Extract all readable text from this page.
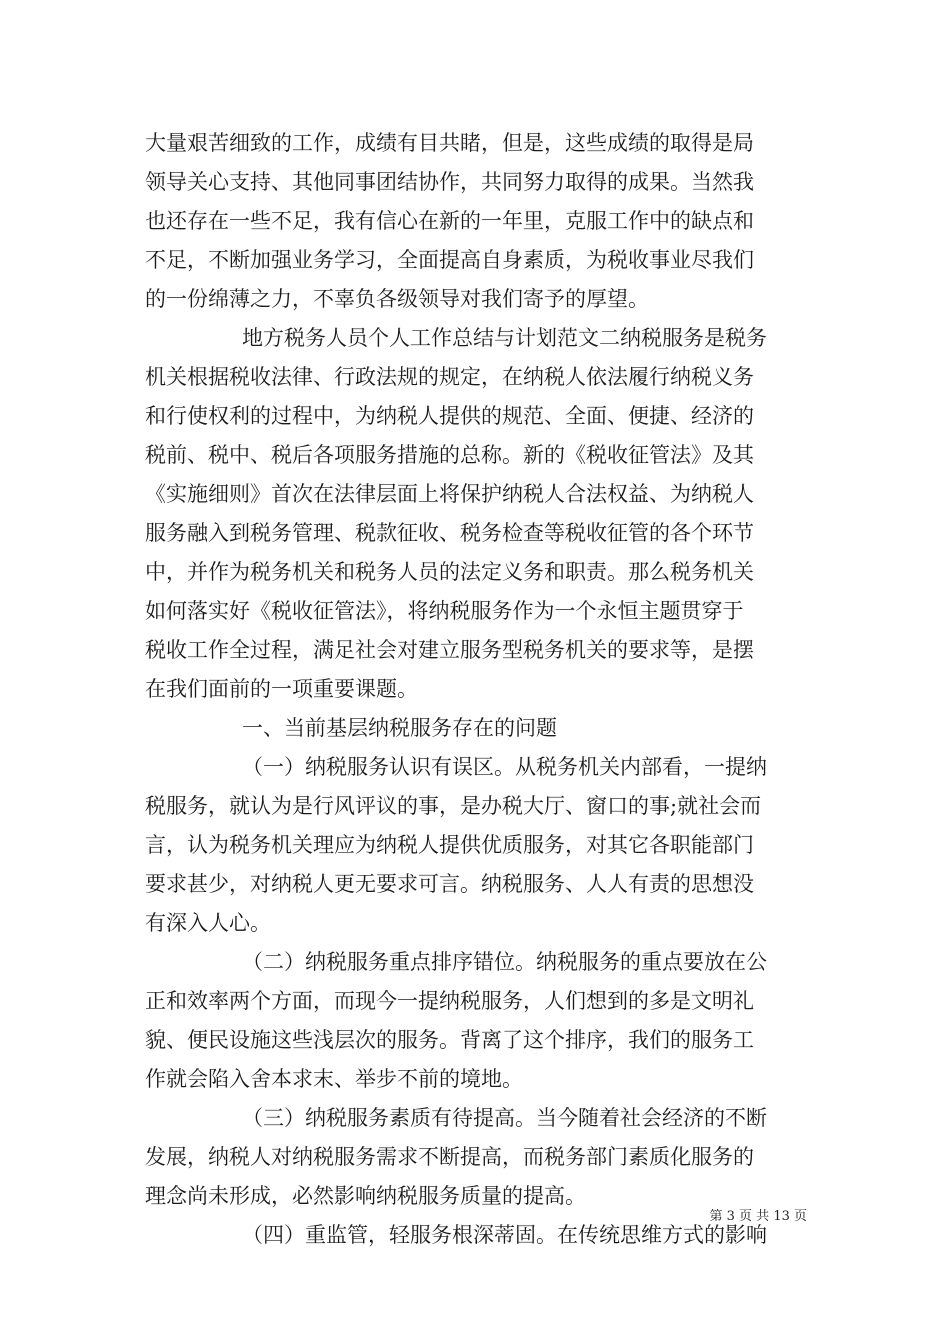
大量艰苦细致的工作，成绩有目共睹，但是，这些成绩的取得是局
领导关心支持、其他同事团结协作，共同努力取得的成果。当然我
也还存在一些不足，我有信心在新的一年里，克服工作中的缺点和
不足，不断加强业务学习，全面提高自身素质，为税收事业尽我们
的一份绵薄之力，不辜负各级领导对我们寄予的厚望。
地方税务人员个人工作总结与计划范文二纳税服务是税务
机关根据税收法律、行政法规的规定，在纳税人依法履行纳税义务
和行使权利的过程中，为纳税人提供的规范、全面、便捷、经济的
税前、税中、税后各项服务措施的总称。新的《税收征管法》及其
《实施细则》首次在法律层面上将保护纳税人合法权益、为纳税人
服务融入到税务管理、税款征收、税务检查等税收征管的各个环节
中，并作为税务机关和税务人员的法定义务和职责。那么税务机关
如何落实好《税收征管法》，将纳税服务作为一个永恒主题贯穿于
税收工作全过程，满足社会对建立服务型税务机关的要求等，是摆
在我们面前的一项重要课题。
一、当前基层纳税服务存在的问题
（一）纳税服务认识有误区。从税务机关内部看，一提纳
税服务，就认为是行风评议的事，是办税大厅、窗口的事;就社会而
言，认为税务机关理应为纳税人提供优质服务，对其它各职能部门
要求甚少，对纳税人更无要求可言。纳税服务、人人有责的思想没
有深入人心。
（二）纳税服务重点排序错位。纳税服务的重点要放在公
正和效率两个方面，而现今一提纳税服务，人们想到的多是文明礼
貌、便民设施这些浅层次的服务。背离了这个排序，我们的服务工
作就会陷入舍本求末、举步不前的境地。
（三）纳税服务素质有待提高。当今随着社会经济的不断
发展，纳税人对纳税服务需求不断提高，而税务部门素质化服务的
理念尚未形成，必然影响纳税服务质量的提高。
（四）重监管，轻服务根深蒂固。在传统思维方式的影响
第 3 页 共 13 页
